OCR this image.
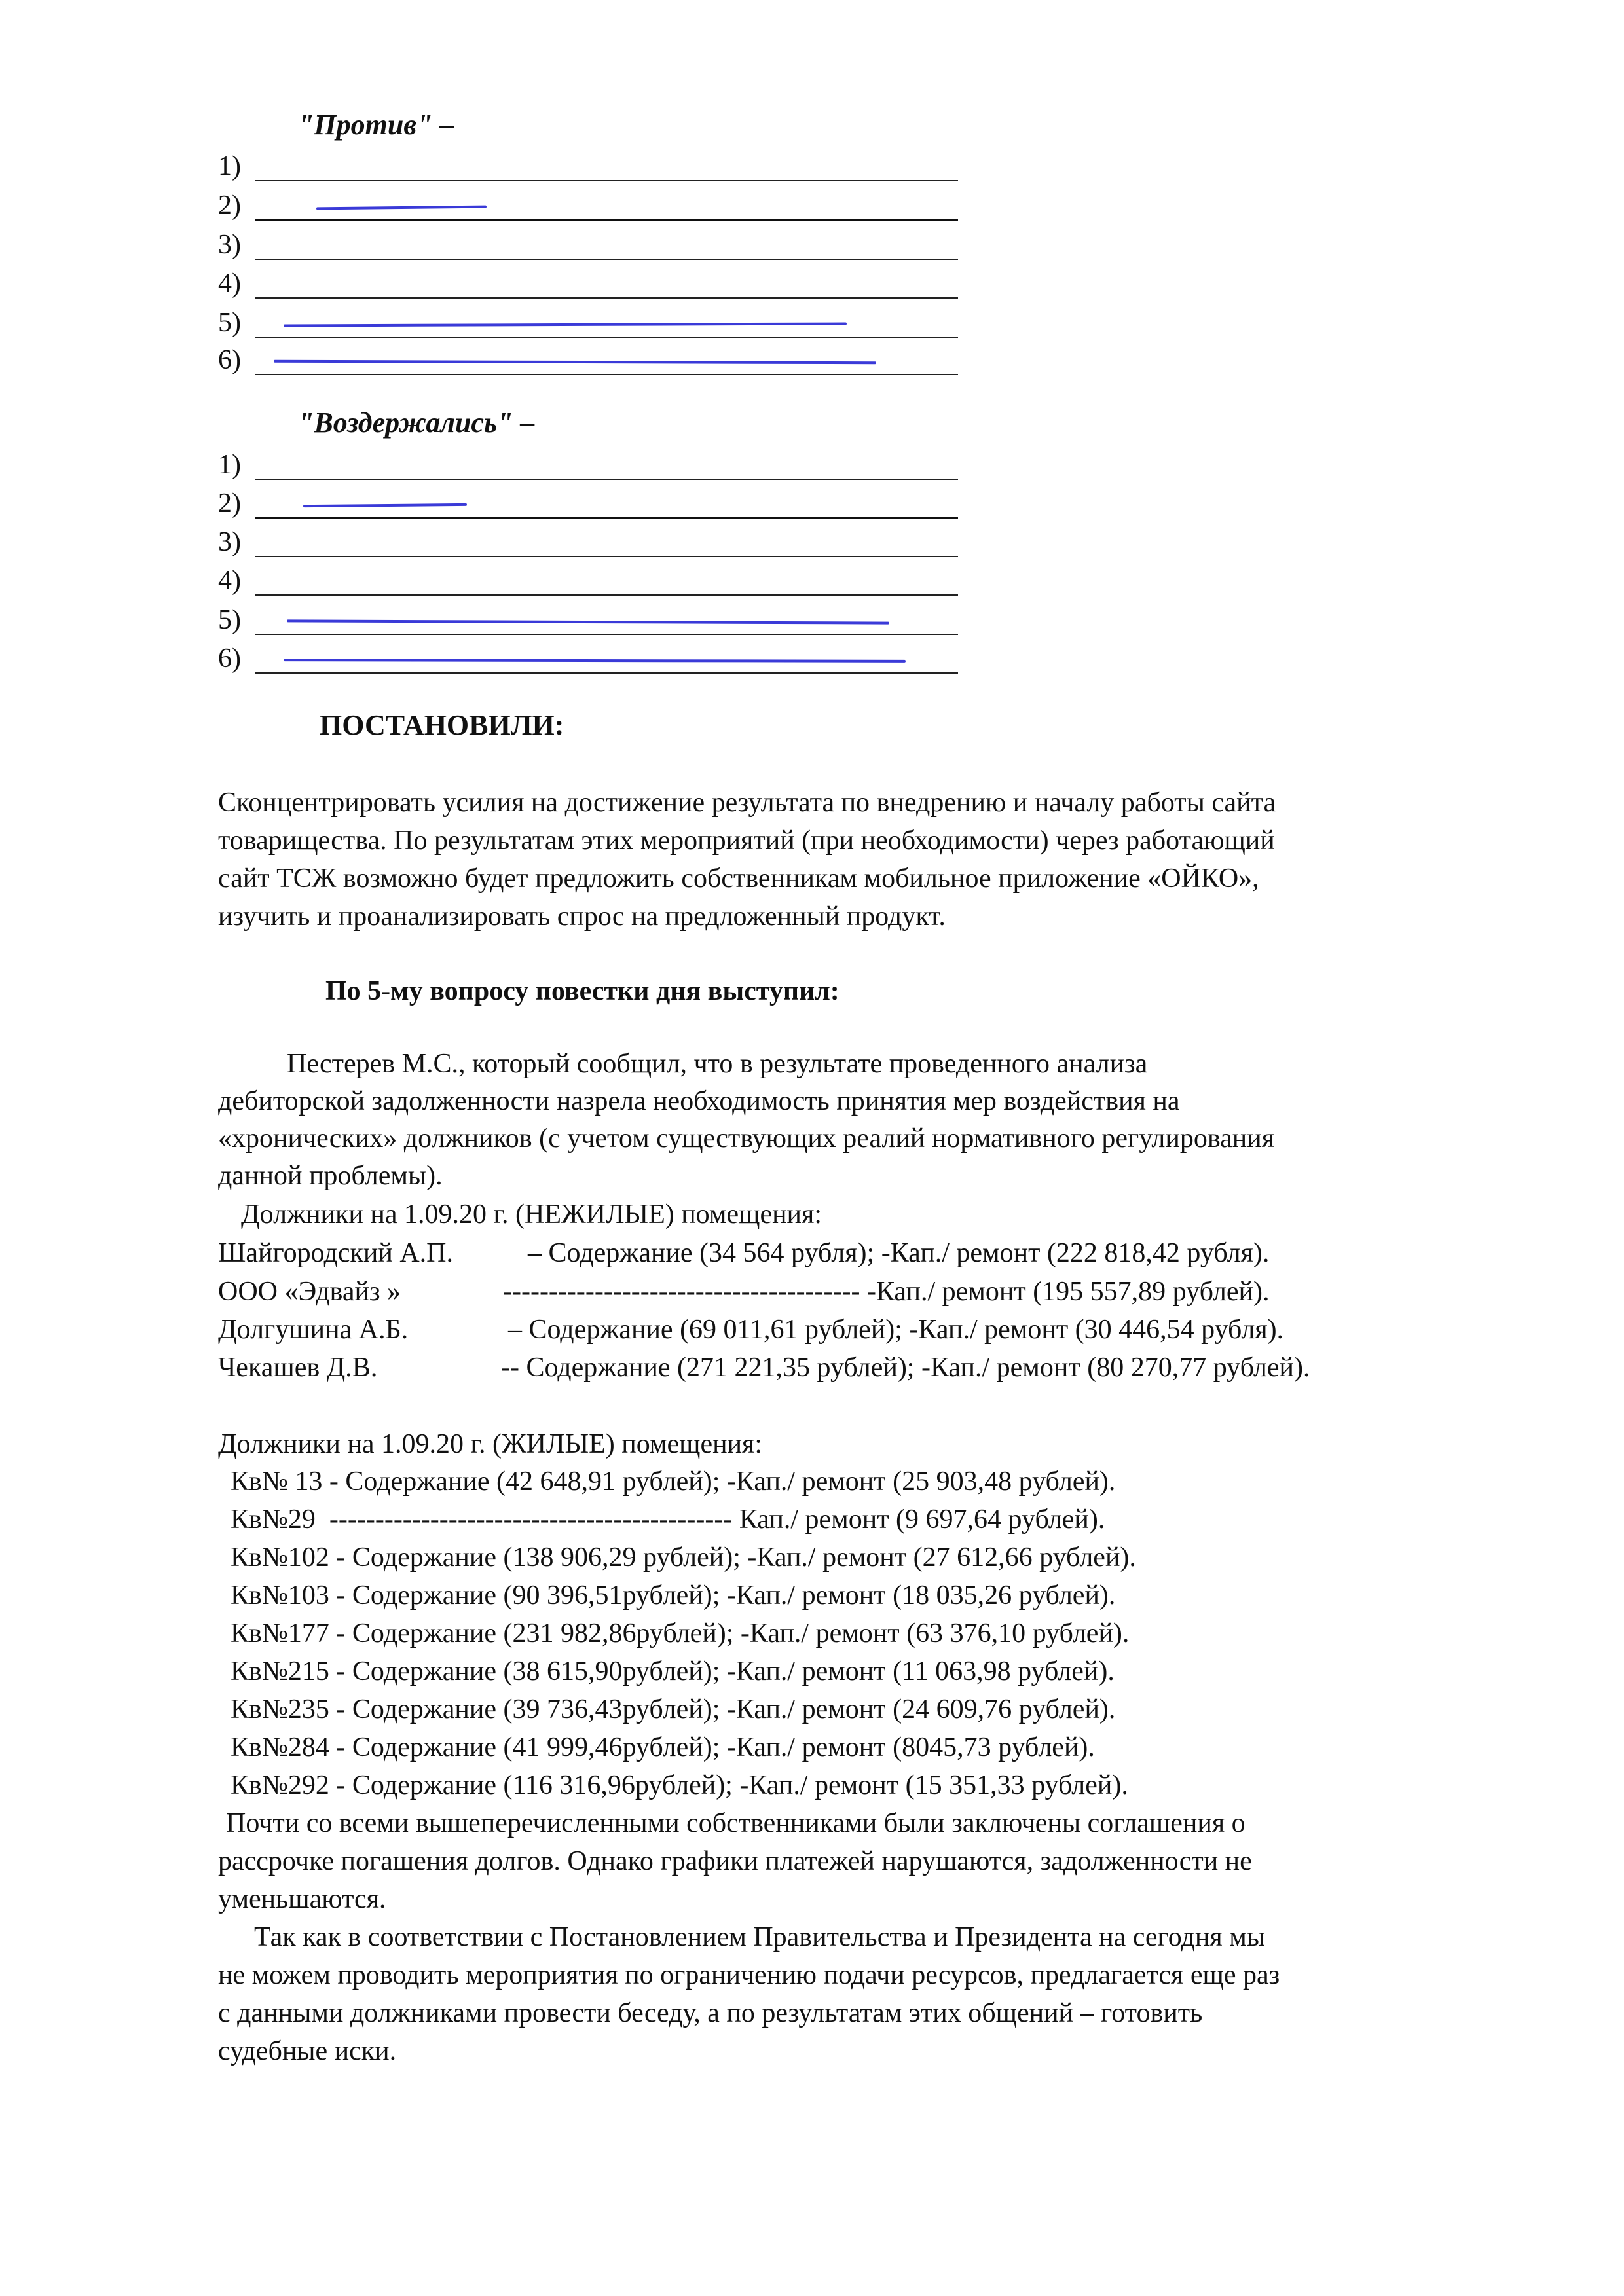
"Против" –
1)
2)
3)
4)
5)
6)
"Воздержались" –
1)
2)
3)
4)
5)
6)
ПОСТАНОВИЛИ:
Сконцентрировать усилия на достижение результата по внедрению и началу работы сайта
товарищества. По результатам этих мероприятий (при необходимости) через работающий
сайт ТСЖ возможно будет предложить собственникам мобильное приложение «ОЙКО»,
изучить и проанализировать спрос на предложенный продукт.
По 5-му вопросу повестки дня выступил:
Пестерев М.С., который сообщил, что в результате проведенного анализа
дебиторской задолженности назрела необходимость принятия мер воздействия на
«хронических» должников (с учетом существующих реалий нормативного регулирования
данной проблемы).
Должники на 1.09.20 г. (НЕЖИЛЫЕ) помещения:
Шайгородский А.П.	– Содержание (34 564 рубля); -Кап./ ремонт (222 818,42 рубля).
ООО «Эдвайз »	--------------------------------------- -Кап./ ремонт (195 557,89 рублей).
Долгушина А.Б.	– Содержание (69 011,61 рублей); -Кап./ ремонт (30 446,54 рубля).
Чекашев Д.В.	-- Содержание (271 221,35 рублей); -Кап./ ремонт (80 270,77 рублей).
Должники на 1.09.20 г. (ЖИЛЫЕ) помещения:
Кв№ 13 - Содержание (42 648,91 рублей); -Кап./ ремонт (25 903,48 рублей).
Кв№29  -------------------------------------------- Кап./ ремонт (9 697,64 рублей).
Кв№102 - Содержание (138 906,29 рублей); -Кап./ ремонт (27 612,66 рублей).
Кв№103 - Содержание (90 396,51рублей); -Кап./ ремонт (18 035,26 рублей).
Кв№177 - Содержание (231 982,86рублей); -Кап./ ремонт (63 376,10 рублей).
Кв№215 - Содержание (38 615,90рублей); -Кап./ ремонт (11 063,98 рублей).
Кв№235 - Содержание (39 736,43рублей); -Кап./ ремонт (24 609,76 рублей).
Кв№284 - Содержание (41 999,46рублей); -Кап./ ремонт (8045,73 рублей).
Кв№292 - Содержание (116 316,96рублей); -Кап./ ремонт (15 351,33 рублей).
Почти со всеми вышеперечисленными собственниками были заключены соглашения о
рассрочке погашения долгов. Однако графики платежей нарушаются, задолженности не
уменьшаются.
Так как в соответствии с Постановлением Правительства и Президента на сегодня мы
не можем проводить мероприятия по ограничению подачи ресурсов, предлагается еще раз
с данными должниками провести беседу, а по результатам этих общений – готовить
судебные иски.
